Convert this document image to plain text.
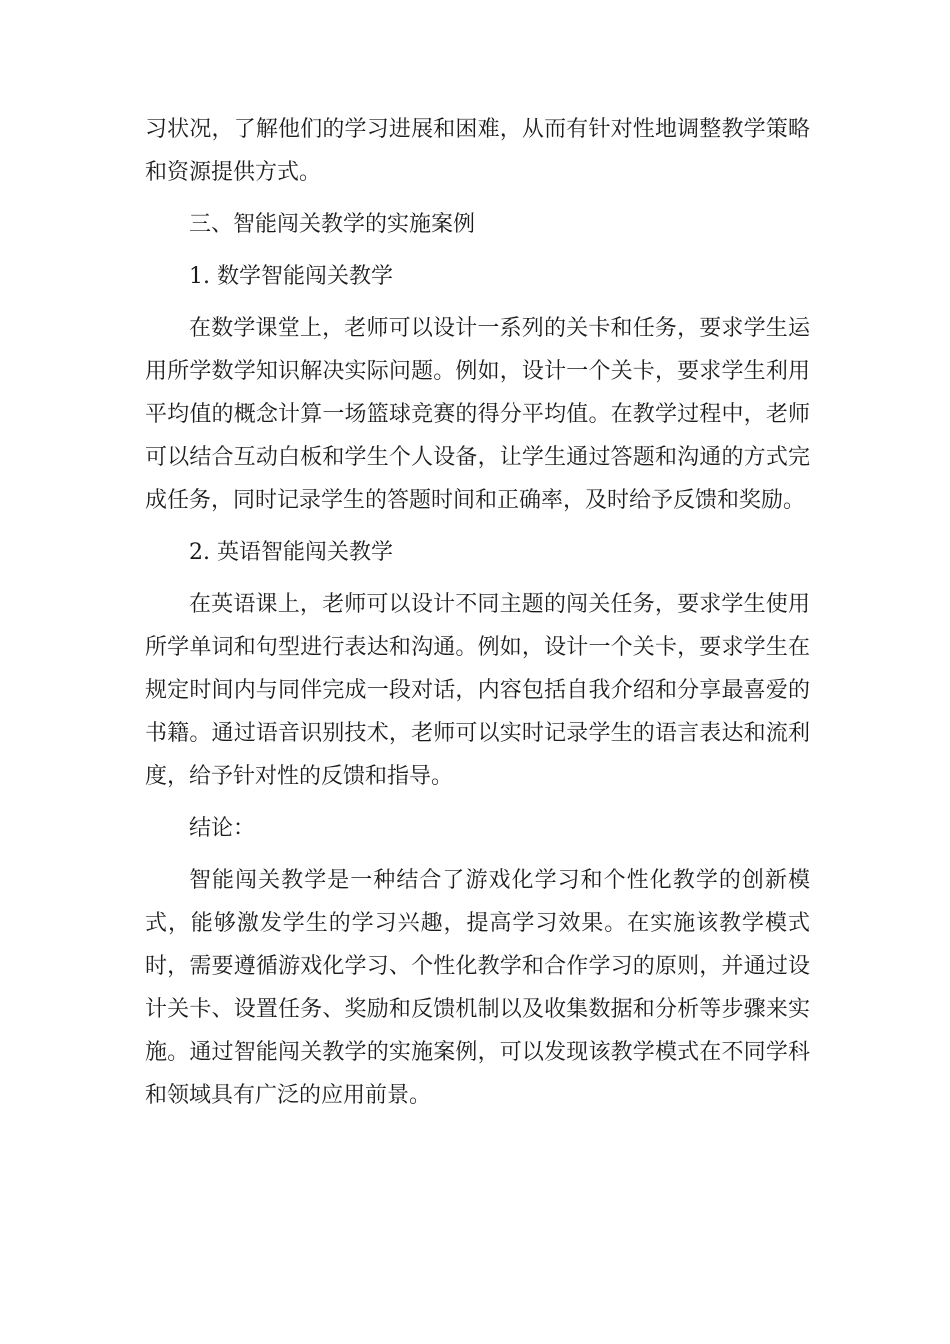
习状况，了解他们的学习进展和困难，从而有针对性地调整教学策略和资源提供方式。

三、智能闯关教学的实施案例

1. 数学智能闯关教学

在数学课堂上，老师可以设计一系列的关卡和任务，要求学生运用所学数学知识解决实际问题。例如，设计一个关卡，要求学生利用平均值的概念计算一场篮球竞赛的得分平均值。在教学过程中，老师可以结合互动白板和学生个人设备，让学生通过答题和沟通的方式完成任务，同时记录学生的答题时间和正确率，及时给予反馈和奖励。

2. 英语智能闯关教学

在英语课上，老师可以设计不同主题的闯关任务，要求学生使用所学单词和句型进行表达和沟通。例如，设计一个关卡，要求学生在规定时间内与同伴完成一段对话，内容包括自我介绍和分享最喜爱的书籍。通过语音识别技术，老师可以实时记录学生的语言表达和流利度，给予针对性的反馈和指导。

结论：

智能闯关教学是一种结合了游戏化学习和个性化教学的创新模式，能够激发学生的学习兴趣，提高学习效果。在实施该教学模式时，需要遵循游戏化学习、个性化教学和合作学习的原则，并通过设计关卡、设置任务、奖励和反馈机制以及收集数据和分析等步骤来实施。通过智能闯关教学的实施案例，可以发现该教学模式在不同学科和领域具有广泛的应用前景。
